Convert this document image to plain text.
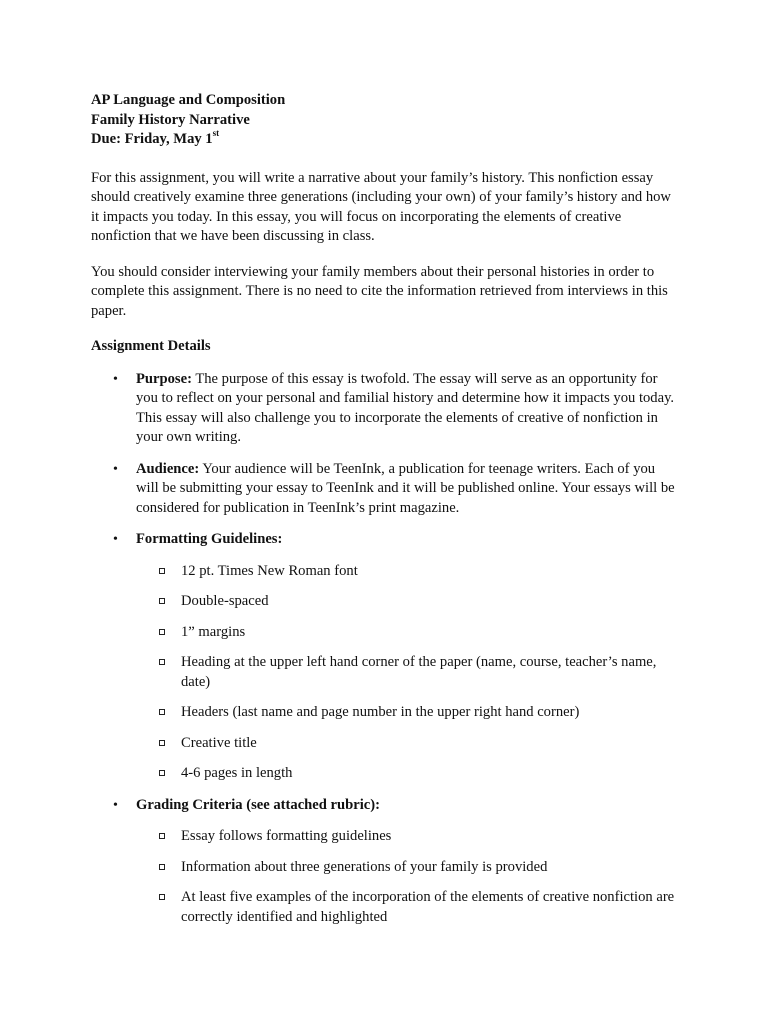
AP Language and Composition
Family History Narrative
Due: Friday, May 1st

For this assignment, you will write a narrative about your family’s history. This nonfiction essay should creatively examine three generations (including your own) of your family’s history and how it impacts you today. In this essay, you will focus on incorporating the elements of creative nonfiction that we have been discussing in class.

You should consider interviewing your family members about their personal histories in order to complete this assignment. There is no need to cite the information retrieved from interviews in this paper.

Assignment Details
• Purpose: The purpose of this essay is twofold. The essay will serve as an opportunity for you to reflect on your personal and familial history and determine how it impacts you today. This essay will also challenge you to incorporate the elements of creative of nonfiction in your own writing.
• Audience: Your audience will be TeenInk, a publication for teenage writers. Each of you will be submitting your essay to TeenInk and it will be published online. Your essays will be considered for publication in TeenInk’s print magazine.
• Formatting Guidelines:
12 pt. Times New Roman font
Double-spaced
1” margins
Heading at the upper left hand corner of the paper (name, course, teacher’s name, date)
Headers (last name and page number in the upper right hand corner)
Creative title
4-6 pages in length
• Grading Criteria (see attached rubric):
Essay follows formatting guidelines
Information about three generations of your family is provided
At least five examples of the incorporation of the elements of creative nonfiction are correctly identified and highlighted
